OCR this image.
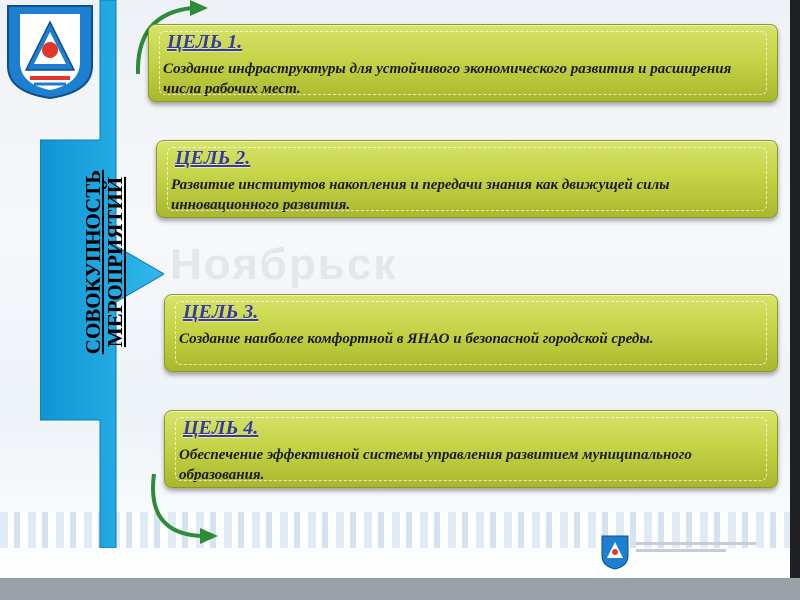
Ноябрьск
СОВОКУПНОСТЬ
МЕРОПРИЯТИЙ
ЦЕЛЬ 1.
Создание инфраструктуры для устойчивого экономического развития и расширения числа рабочих мест.
ЦЕЛЬ 2.
Развитие институтов накопления и передачи знания как движущей силы инновационного развития.
ЦЕЛЬ 3.
Создание наиболее комфортной в ЯНАО и безопасной городской среды.
ЦЕЛЬ 4.
Обеспечение эффективной системы управления развитием муниципального образования.
